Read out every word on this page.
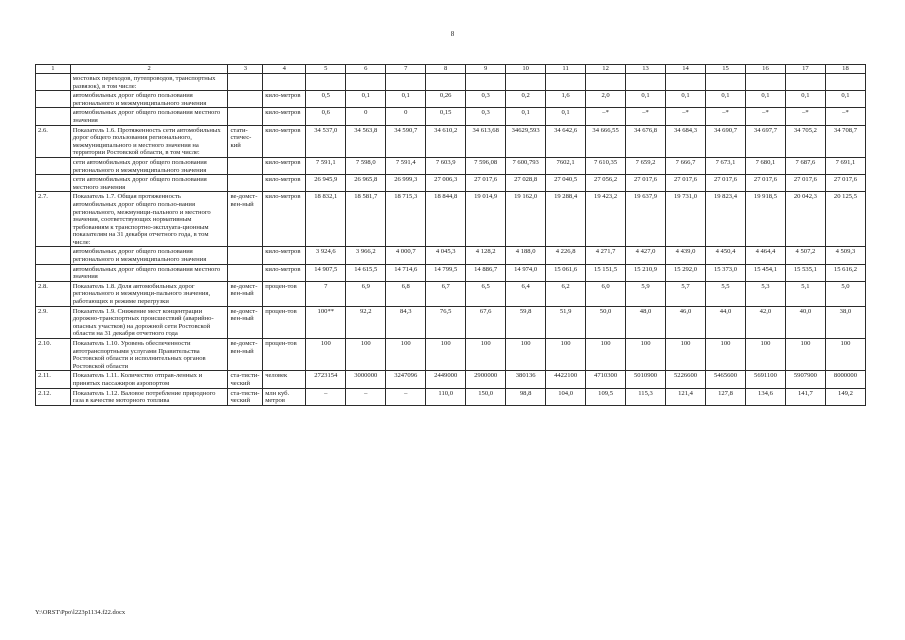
8
1	2	3	4	5	6	7	8	9	10	11	12	13	14	15	16	17	18
	мостовых переходов, путепроводов, транспортных развязок), в том числе:																
	автомобильных дорог общего пользования регионального и межмуниципального значения		кило-метров	0,5	0,1	0,1	0,26	0,3	0,2	1,6	2,0	0,1	0,1	0,1	0,1	0,1	0,1
	автомобильных дорог общего пользования местного значения		кило-метров	0,6	0	0	0,15	0,3	0,1	0,1	–*	–*	–*	–*	–*	–*	–*
2.6.	Показатель 1.6. Протяженность сети автомобильных дорог общего пользования регионального, межмуниципального и местного значения на территории Ростовской области, в том числе:	стати-стичес-кий	кило-метров	34 537,0	34 563,8	34 590,7	34 610,2	34 613,68	34629,593	34 642,6	34 666,55	34 676,8	34 684,3	34 690,7	34 697,7	34 705,2	34 708,7
	сети автомобильных дорог общего пользования регионального и межмуниципального значения		кило-метров	7 591,1	7 598,0	7 591,4	7 603,9	7 596,08	7 600,793	7602,1	7 610,35	7 659,2	7 666,7	7 673,1	7 680,1	7 687,6	7 691,1
	сети автомобильных дорог общего пользования местного значения		кило-метров	26 945,9	26 965,8	26 999,3	27 006,3	27 017,6	27 028,8	27 040,5	27 056,2	27 017,6	27 017,6	27 017,6	27 017,6	27 017,6	27 017,6
2.7.	Показатель 1.7. Общая протяженность автомобильных дорог общего пользо-вания регионального, межмуници-пального и местного значения, соответствующих нормативным требованиям к транспортно-эксплуата-ционным показателям на 31 декабря отчетного года, в том числе:	ве-домст-вен-ный	кило-метров	18 832,1	18 581,7	18 715,3	18 844,8	19 014,9	19 162,0	19 288,4	19 423,2	19 637,9	19 731,0	19 823,4	19 918,5	20 042,3	20 125,5
	автомобильных дорог общего пользования регионального и межмуниципального значения		кило-метров	3 924,6	3 966,2	4 000,7	4 045,3	4 128,2	4 188,0	4 226,8	4 271,7	4 427,0	4 439,0	4 450,4	4 464,4	4 507,2	4 509,3
	автомобильных дорог общего пользования местного значения		кило-метров	14 907,5	14 615,5	14 714,6	14 799,5	14 886,7	14 974,0	15 061,6	15 151,5	15 210,9	15 292,0	15 373,0	15 454,1	15 535,1	15 616,2
2.8.	Показатель 1.8. Доля автомобильных дорог регионального и межмуници-пального значения, работающих в режиме перегрузки	ве-домст-вен-ный	процен-тов	7	6,9	6,8	6,7	6,5	6,4	6,2	6,0	5,9	5,7	5,5	5,3	5,1	5,0
2.9.	Показатель 1.9. Снижение мест концентрации дорожно-транспортных происшествий (аварийно-опасных участков) на дорожной сети Ростовской области на 31 декабря отчетного года	ве-домст-вен-ный	процен-тов	100**	92,2	84,3	76,5	67,6	59,8	51,9	50,0	48,0	46,0	44,0	42,0	40,0	38,0
2.10.	Показатель 1.10. Уровень обеспеченности автотранспортными услугами Правительства Ростовской области и исполнительных органов Ростовской области	ве-домст-вен-ный	процен-тов	100	100	100	100	100	100	100	100	100	100	100	100	100	100
2.11.	Показатель 1.11. Количество отправ-ленных и принятых пассажиров аэропортом	ста-тисти-ческий	человек	2723154	3000000	3247096	2449000	2900000	380136	4422100	4710300	5010900	5226600	5465600	5691100	5907900	8000000
2.12.	Показатель 1.12. Валовое потребление природного газа в качестве моторного топлива	ста-тисти-ческий	млн куб. метров	–	–	–	110,0	150,0	98,8	104,0	109,5	115,3	121,4	127,8	134,6	141,7	149,2
Y:\ORST\Ppo\l223p1134.f22.docx
